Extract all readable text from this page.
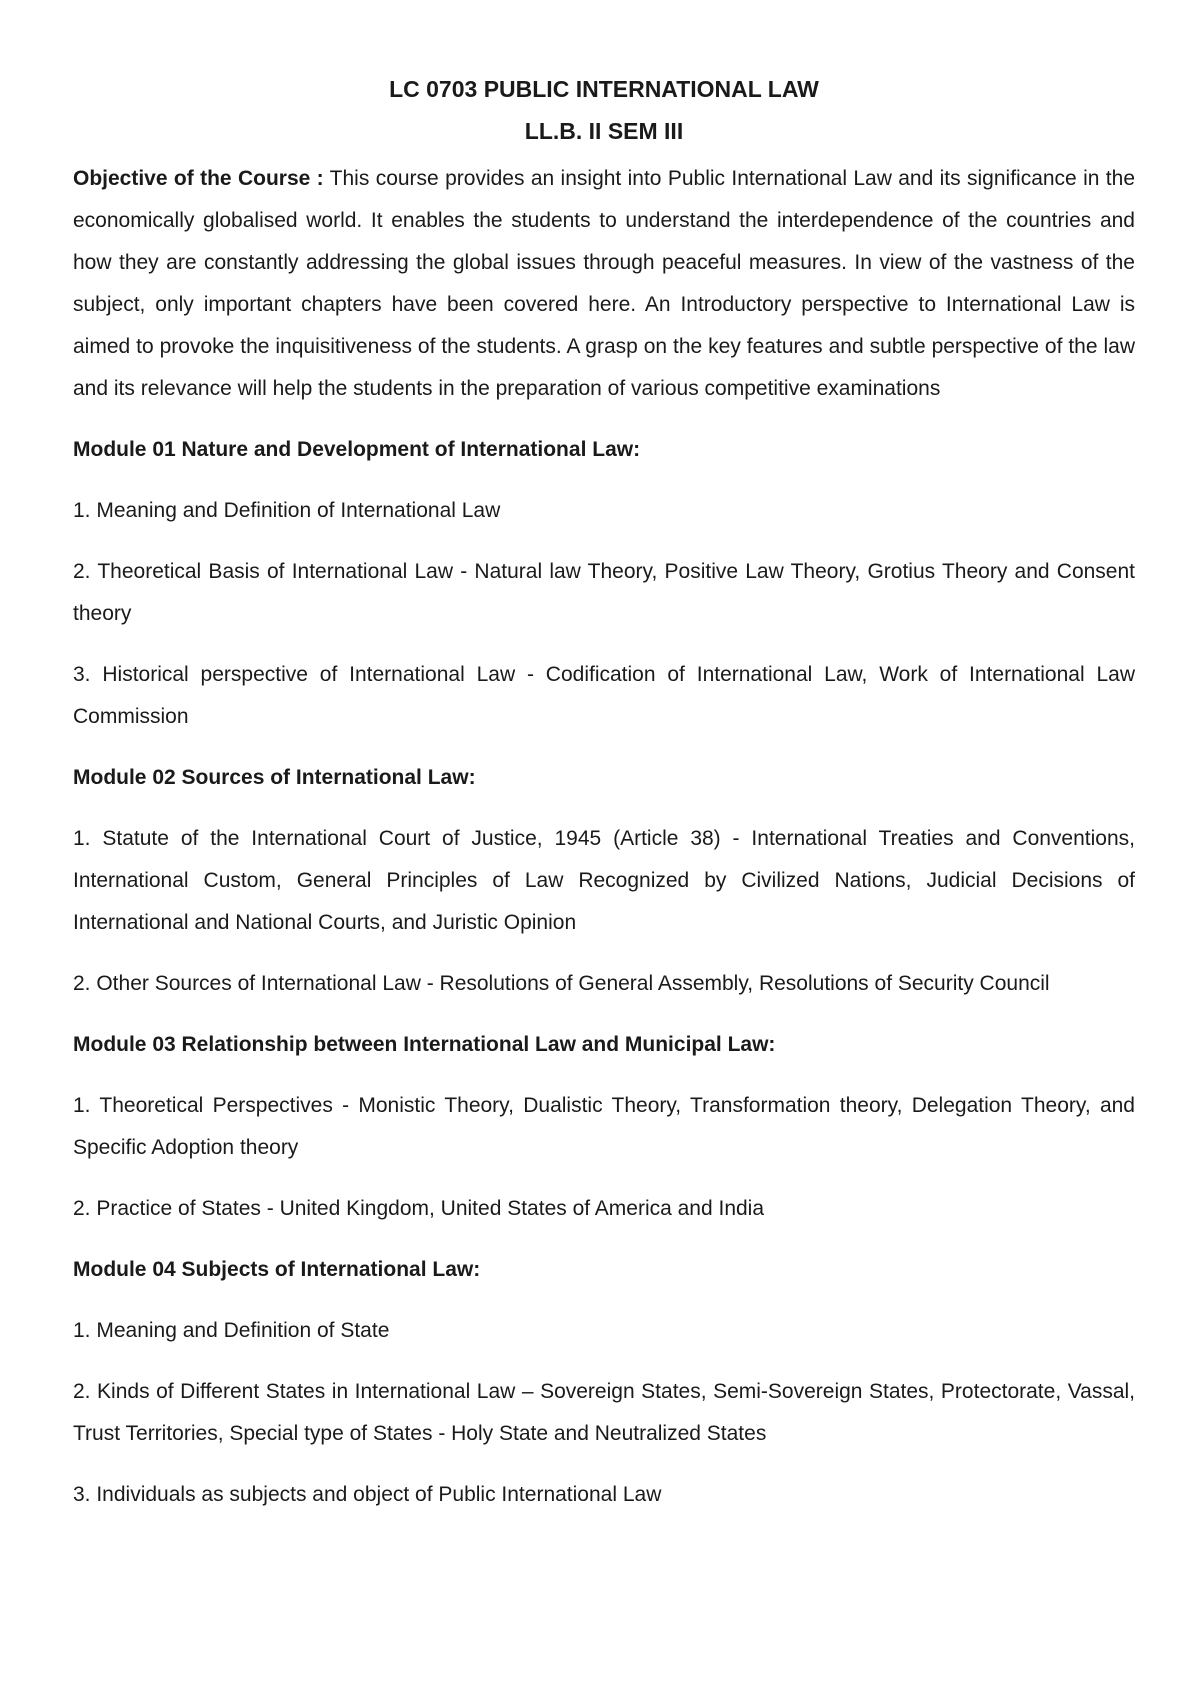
LC 0703 PUBLIC INTERNATIONAL LAW
LL.B. II SEM III

Objective of the Course : This course provides an insight into Public International Law and its significance in the economically globalised world. It enables the students to understand the interdependence of the countries and how they are constantly addressing the global issues through peaceful measures. In view of the vastness of the subject, only important chapters have been covered here. An Introductory perspective to International Law is aimed to provoke the inquisitiveness of the students. A grasp on the key features and subtle perspective of the law and its relevance will help the students in the preparation of various competitive examinations

Module 01 Nature and Development of International Law:

1. Meaning and Definition of International Law

2. Theoretical Basis of International Law - Natural law Theory, Positive Law Theory, Grotius Theory and Consent theory

3. Historical perspective of International Law - Codification of International Law, Work of International Law Commission

Module 02 Sources of International Law:

1. Statute of the International Court of Justice, 1945 (Article 38) - International Treaties and Conventions, International Custom, General Principles of Law Recognized by Civilized Nations, Judicial Decisions of International and National Courts, and Juristic Opinion

2. Other Sources of International Law - Resolutions of General Assembly, Resolutions of Security Council

Module 03 Relationship between International Law and Municipal Law:

1. Theoretical Perspectives - Monistic Theory, Dualistic Theory, Transformation theory, Delegation Theory, and Specific Adoption theory

2. Practice of States - United Kingdom, United States of America and India

Module 04 Subjects of International Law:

1. Meaning and Definition of State

2. Kinds of Different States in International Law – Sovereign States, Semi-Sovereign States, Protectorate, Vassal, Trust Territories, Special type of States - Holy State and Neutralized States

3. Individuals as subjects and object of Public International Law
